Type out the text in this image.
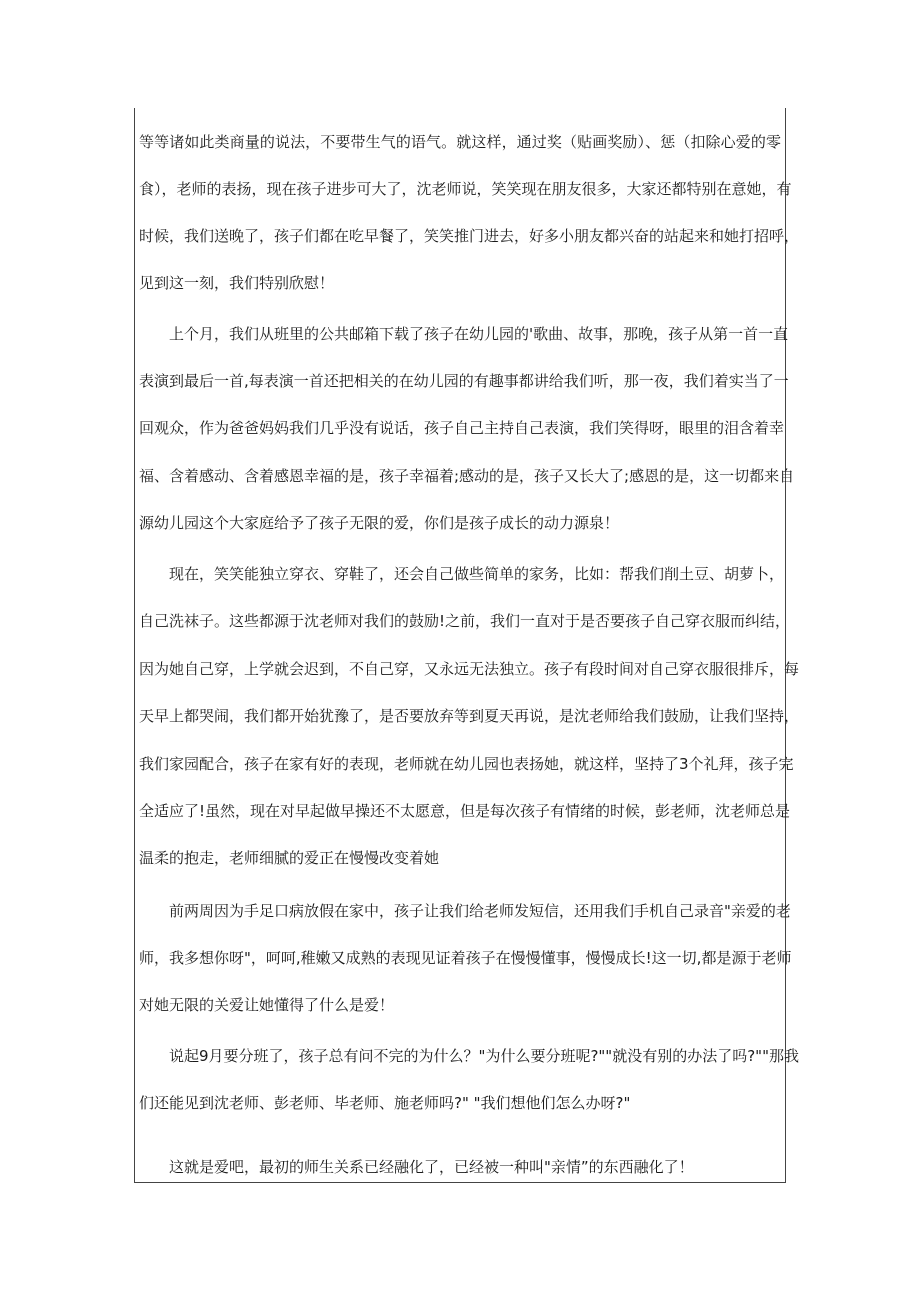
等等诸如此类商量的说法，不要带生气的语气。就这样，通过奖（贴画奖励）、惩（扣除心爱的零
食），老师的表扬，现在孩子进步可大了，沈老师说，笑笑现在朋友很多，大家还都特别在意她，有
时候，我们送晚了，孩子们都在吃早餐了，笑笑推门进去，好多小朋友都兴奋的站起来和她打招呼，
见到这一刻，我们特别欣慰！
上个月，我们从班里的公共邮箱下载了孩子在幼儿园的'歌曲、故事，那晚，孩子从第一首一直
表演到最后一首,每表演一首还把相关的在幼儿园的有趣事都讲给我们听，那一夜，我们着实当了一
回观众，作为爸爸妈妈我们几乎没有说话，孩子自己主持自己表演，我们笑得呀，眼里的泪含着幸
福、含着感动、含着感恩幸福的是，孩子幸福着;感动的是，孩子又长大了;感恩的是，这一切都来自
源幼儿园这个大家庭给予了孩子无限的爱，你们是孩子成长的动力源泉！
现在，笑笑能独立穿衣、穿鞋了，还会自己做些简单的家务，比如：帮我们削土豆、胡萝卜，
自己洗袜子。这些都源于沈老师对我们的鼓励!之前，我们一直对于是否要孩子自己穿衣服而纠结，
因为她自己穿，上学就会迟到，不自己穿，又永远无法独立。孩子有段时间对自己穿衣服很排斥，每
天早上都哭闹，我们都开始犹豫了，是否要放弃等到夏天再说，是沈老师给我们鼓励，让我们坚持，
我们家园配合，孩子在家有好的表现，老师就在幼儿园也表扬她，就这样，坚持了3个礼拜，孩子完
全适应了!虽然，现在对早起做早操还不太愿意，但是每次孩子有情绪的时候，彭老师，沈老师总是
温柔的抱走，老师细腻的爱正在慢慢改变着她
前两周因为手足口病放假在家中，孩子让我们给老师发短信，还用我们手机自己录音"亲爱的老
师，我多想你呀"，呵呵,稚嫩又成熟的表现见证着孩子在慢慢懂事，慢慢成长!这一切,都是源于老师
对她无限的关爱让她懂得了什么是爱！
说起9月要分班了，孩子总有问不完的为什么？"为什么要分班呢?""就没有别的办法了吗?""那我
们还能见到沈老师、彭老师、毕老师、施老师吗?" "我们想他们怎么办呀?"
这就是爱吧，最初的师生关系已经融化了，已经被一种叫"亲情”的东西融化了！
